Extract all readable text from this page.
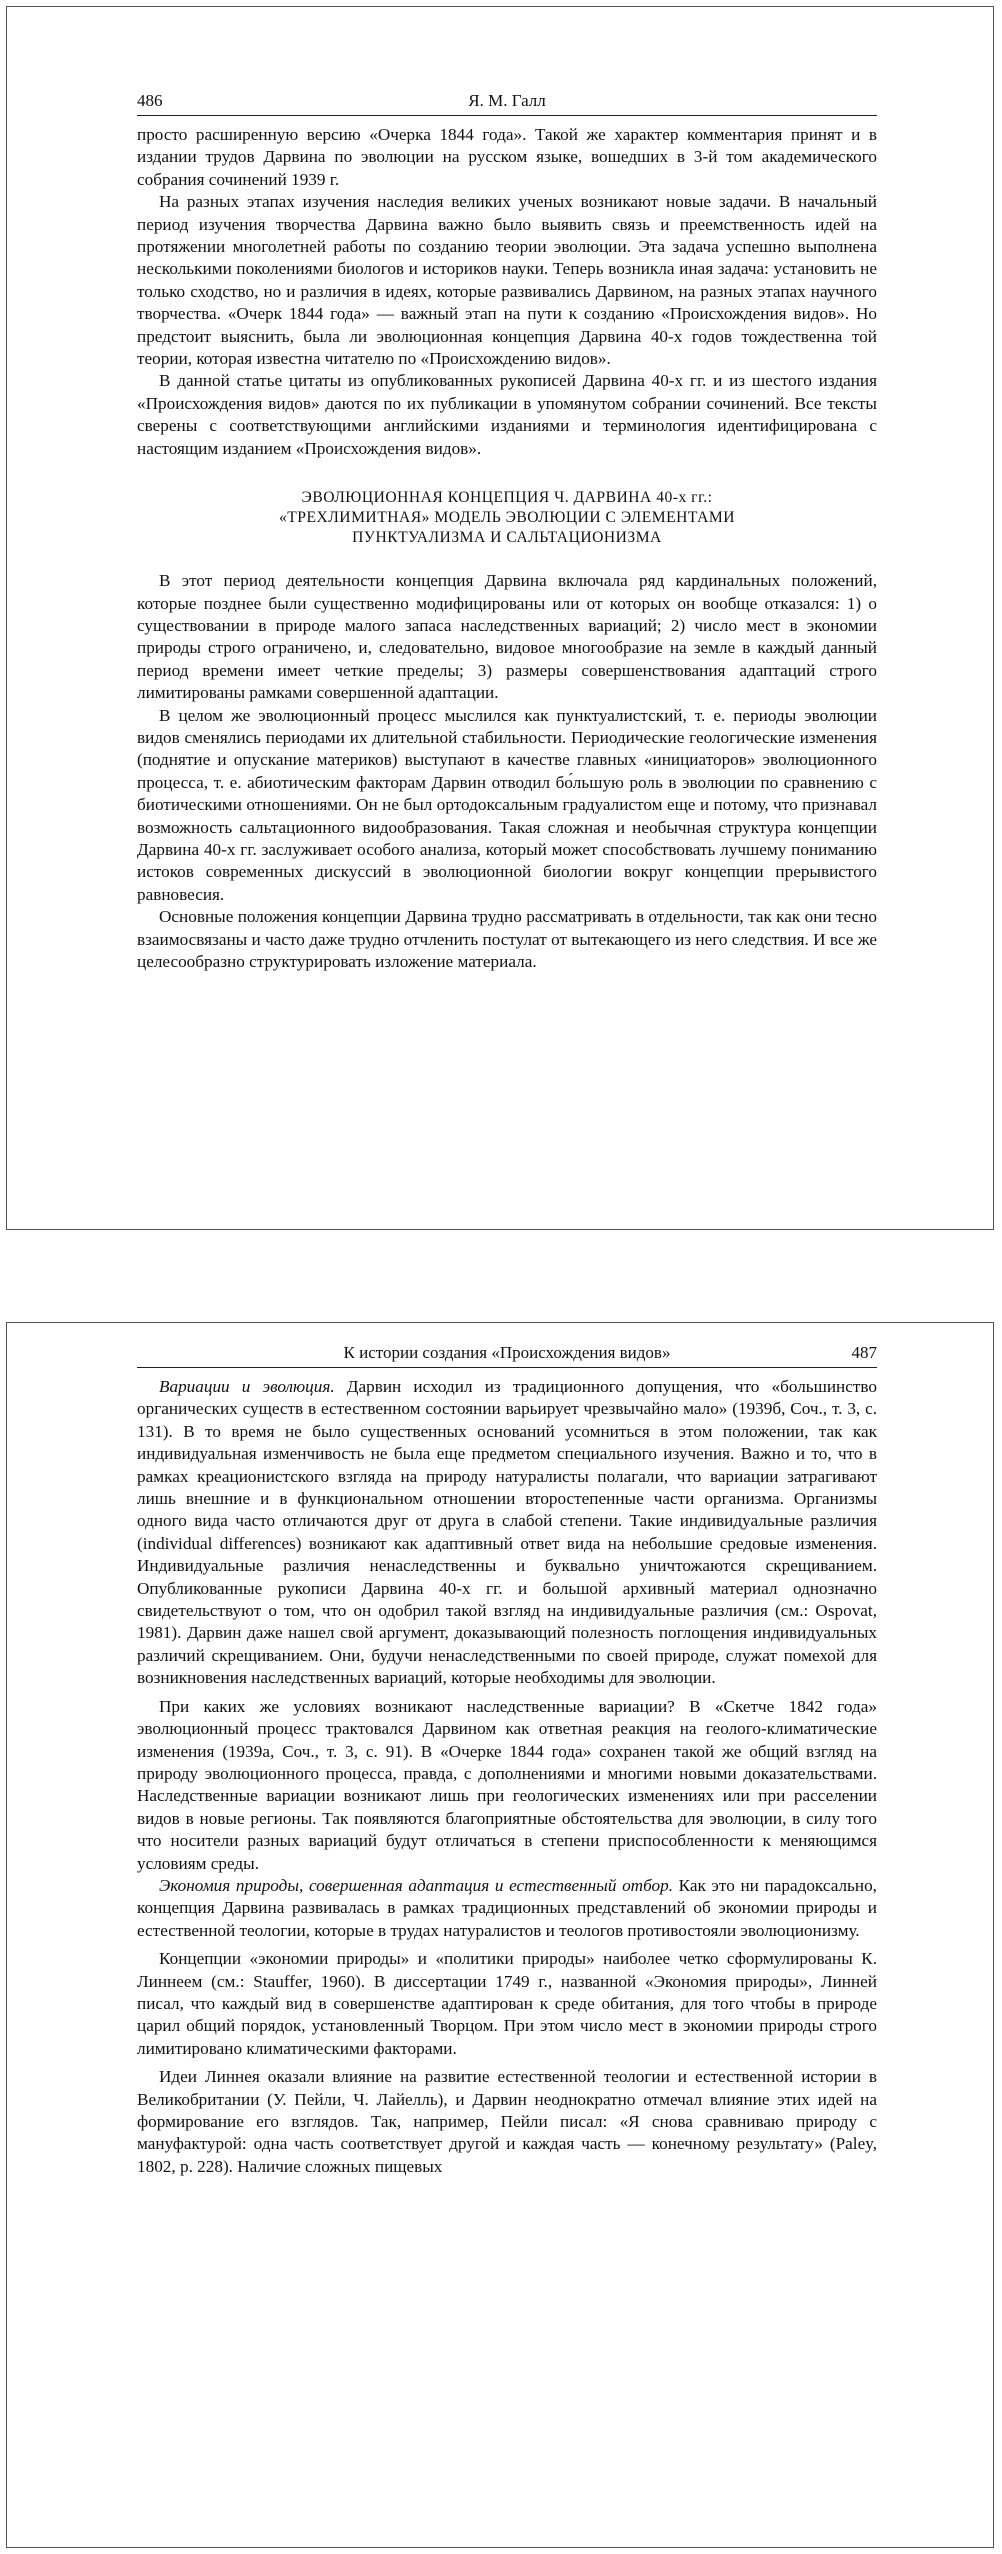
486	Я. М. Галл

просто расширенную версию «Очерка 1844 года». Такой же характер комментария принят и в издании трудов Дарвина по эволюции на русском языке, вошедших в 3-й том академического собрания сочинений 1939 г.

На разных этапах изучения наследия великих ученых возникают новые задачи. В начальный период изучения творчества Дарвина важно было выявить связь и преемственность идей на протяжении многолетней работы по созданию теории эволюции. Эта задача успешно выполнена несколькими поколениями биологов и историков науки. Теперь возникла иная задача: установить не только сходство, но и различия в идеях, которые развивались Дарвином, на разных этапах научного творчества. «Очерк 1844 года» — важный этап на пути к созданию «Происхождения видов». Но предстоит выяснить, была ли эволюционная концепция Дарвина 40-х годов тождественна той теории, которая известна читателю по «Происхождению видов».

В данной статье цитаты из опубликованных рукописей Дарвина 40-х гг. и из шестого издания «Происхождения видов» даются по их публикации в упомянутом собрании сочинений. Все тексты сверены с соответствующими английскими изданиями и терминология идентифицирована с настоящим изданием «Происхождения видов».

ЭВОЛЮЦИОННАЯ КОНЦЕПЦИЯ Ч. ДАРВИНА 40-х гг.:
«ТРЕХЛИМИТНАЯ» МОДЕЛЬ ЭВОЛЮЦИИ С ЭЛЕМЕНТАМИ
ПУНКТУАЛИЗМА И САЛЬТАЦИОНИЗМА

В этот период деятельности концепция Дарвина включала ряд кардинальных положений, которые позднее были существенно модифицированы или от которых он вообще отказался: 1) о существовании в природе малого запаса наследственных вариаций; 2) число мест в экономии природы строго ограничено, и, следовательно, видовое многообразие на земле в каждый данный период времени имеет четкие пределы; 3) размеры совершенствования адаптаций строго лимитированы рамками совершенной адаптации.

В целом же эволюционный процесс мыслился как пунктуалистский, т. е. периоды эволюции видов сменялись периодами их длительной стабильности. Периодические геологические изменения (поднятие и опускание материков) выступают в качестве главных «инициаторов» эволюционного процесса, т. е. абиотическим факторам Дарвин отводил бо́льшую роль в эволюции по сравнению с биотическими отношениями. Он не был ортодоксальным градуалистом еще и потому, что признавал возможность сальтационного видообразования. Такая сложная и необычная структура концепции Дарвина 40-х гг. заслуживает особого анализа, который может способствовать лучшему пониманию истоков современных дискуссий в эволюционной биологии вокруг концепции прерывистого равновесия.

Основные положения концепции Дарвина трудно рассматривать в отдельности, так как они тесно взаимосвязаны и часто даже трудно отчленить постулат от вытекающего из него следствия. И все же целесообразно структурировать изложение материала.

К истории создания «Происхождения видов»	487

Вариации и эволюция. Дарвин исходил из традиционного допущения, что «большинство органических существ в естественном состоянии варьирует чрезвычайно мало» (1939б, Соч., т. 3, с. 131). В то время не было существенных оснований усомниться в этом положении, так как индивидуальная изменчивость не была еще предметом специального изучения. Важно и то, что в рамках креационистского взгляда на природу натуралисты полагали, что вариации затрагивают лишь внешние и в функциональном отношении второстепенные части организма. Организмы одного вида часто отличаются друг от друга в слабой степени. Такие индивидуальные различия (individual differences) возникают как адаптивный ответ вида на небольшие средовые изменения. Индивидуальные различия ненаследственны и буквально уничтожаются скрещиванием. Опубликованные рукописи Дарвина 40-х гг. и большой архивный материал однозначно свидетельствуют о том, что он одобрил такой взгляд на индивидуальные различия (см.: Ospovat, 1981). Дарвин даже нашел свой аргумент, доказывающий полезность поглощения индивидуальных различий скрещиванием. Они, будучи ненаследственными по своей природе, служат помехой для возникновения наследственных вариаций, которые необходимы для эволюции.

При каких же условиях возникают наследственные вариации? В «Скетче 1842 года» эволюционный процесс трактовался Дарвином как ответная реакция на геолого-климатические изменения (1939а, Соч., т. 3, с. 91). В «Очерке 1844 года» сохранен такой же общий взгляд на природу эволюционного процесса, правда, с дополнениями и многими новыми доказательствами. Наследственные вариации возникают лишь при геологических изменениях или при расселении видов в новые регионы. Так появляются благоприятные обстоятельства для эволюции, в силу того что носители разных вариаций будут отличаться в степени приспособленности к меняющимся условиям среды.

Экономия природы, совершенная адаптация и естественный отбор. Как это ни парадоксально, концепция Дарвина развивалась в рамках традиционных представлений об экономии природы и естественной теологии, которые в трудах натуралистов и теологов противостояли эволюционизму.

Концепции «экономии природы» и «политики природы» наиболее четко сформулированы К. Линнеем (см.: Stauffer, 1960). В диссертации 1749 г., названной «Экономия природы», Линней писал, что каждый вид в совершенстве адаптирован к среде обитания, для того чтобы в природе царил общий порядок, установленный Творцом. При этом число мест в экономии природы строго лимитировано климатическими факторами.

Идеи Линнея оказали влияние на развитие естественной теологии и естественной истории в Великобритании (У. Пейли, Ч. Лайелль), и Дарвин неоднократно отмечал влияние этих идей на формирование его взглядов. Так, например, Пейли писал: «Я снова сравниваю природу с мануфактурой: одна часть соответствует другой и каждая часть — конечному результату» (Paley, 1802, p. 228). Наличие сложных пищевых
